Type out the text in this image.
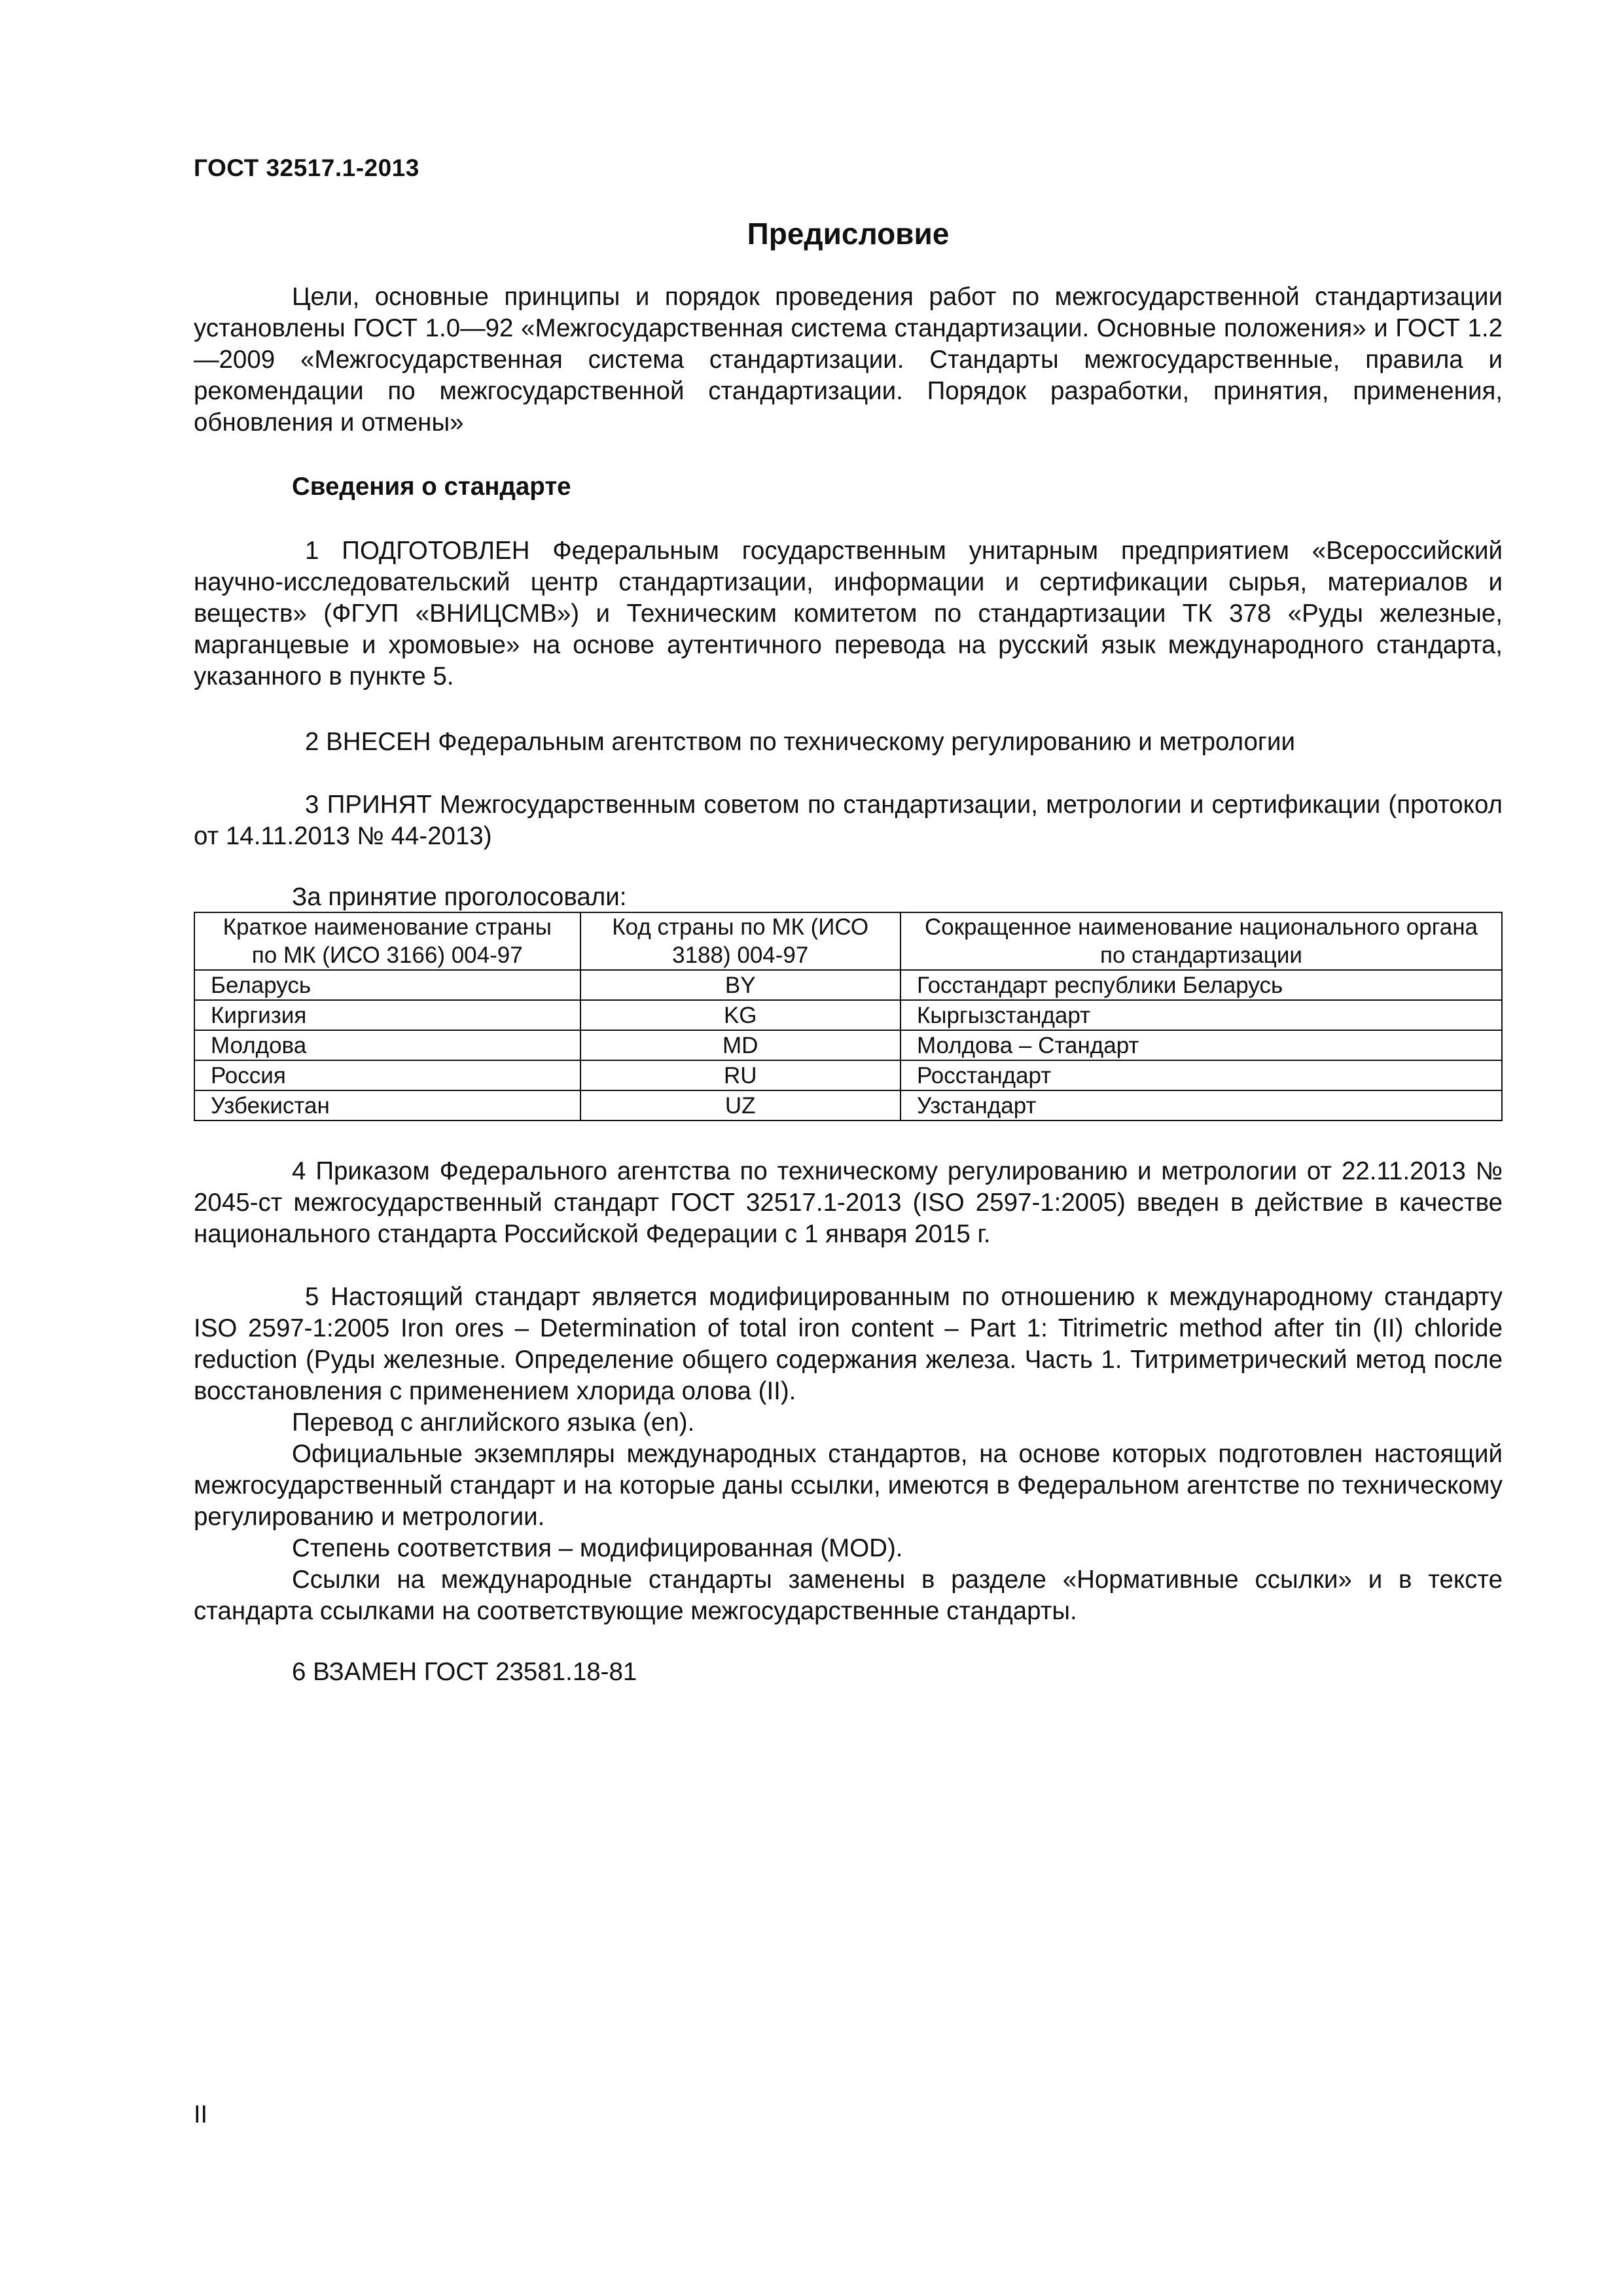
ГОСТ 32517.1-2013
Предисловие

Цели, основные принципы и порядок проведения работ по межгосударственной стандартизации установлены ГОСТ 1.0—92 «Межгосударственная система стандартизации. Основные положения» и ГОСТ 1.2—2009 «Межгосударственная система стандартизации. Стандарты межгосударственные, правила и рекомендации по межгосударственной стандартизации. Порядок разработки, принятия, применения, обновления и отмены»

Сведения о стандарте

1 ПОДГОТОВЛЕН Федеральным государственным унитарным предприятием «Всероссийский научно-исследовательский центр стандартизации, информации и сертификации сырья, материалов и веществ» (ФГУП «ВНИЦСМВ») и Техническим комитетом по стандартизации ТК 378 «Руды железные, марганцевые и хромовые» на основе аутентичного перевода на русский язык международного стандарта, указанного в пункте 5.

2 ВНЕСЕН Федеральным агентством по техническому регулированию и метрологии

3 ПРИНЯТ Межгосударственным советом по стандартизации, метрологии и сертификации (протокол от 14.11.2013 № 44-2013)

За принятие проголосовали:
Краткое наименование страны по МК (ИСО 3166) 004-97	Код страны по МК (ИСО 3188) 004-97	Сокращенное наименование национального органа по стандартизации
Беларусь	BY	Госстандарт республики Беларусь
Киргизия	KG	Кыргызстандарт
Молдова	MD	Молдова – Стандарт
Россия	RU	Росстандарт
Узбекистан	UZ	Узстандарт

4 Приказом Федерального агентства по техническому регулированию и метрологии от 22.11.2013 № 2045-ст межгосударственный стандарт ГОСТ 32517.1-2013 (ISO 2597-1:2005) введен в действие в качестве национального стандарта Российской Федерации с 1 января 2015 г.

5 Настоящий стандарт является модифицированным по отношению к международному стандарту ISO 2597-1:2005 Iron ores – Determination of total iron content – Part 1: Titrimetric method after tin (II) chloride reduction (Руды железные. Определение общего содержания железа. Часть 1. Титриметрический метод после восстановления с применением хлорида олова (II).

Перевод с английского языка (en).

Официальные экземпляры международных стандартов, на основе которых подготовлен настоящий межгосударственный стандарт и на которые даны ссылки, имеются в Федеральном агентстве по техническому регулированию и метрологии.

Степень соответствия – модифицированная (MOD).

Ссылки на международные стандарты заменены в разделе «Нормативные ссылки» и в тексте стандарта ссылками на соответствующие межгосударственные стандарты.

6 ВЗАМЕН ГОСТ 23581.18-81
II
